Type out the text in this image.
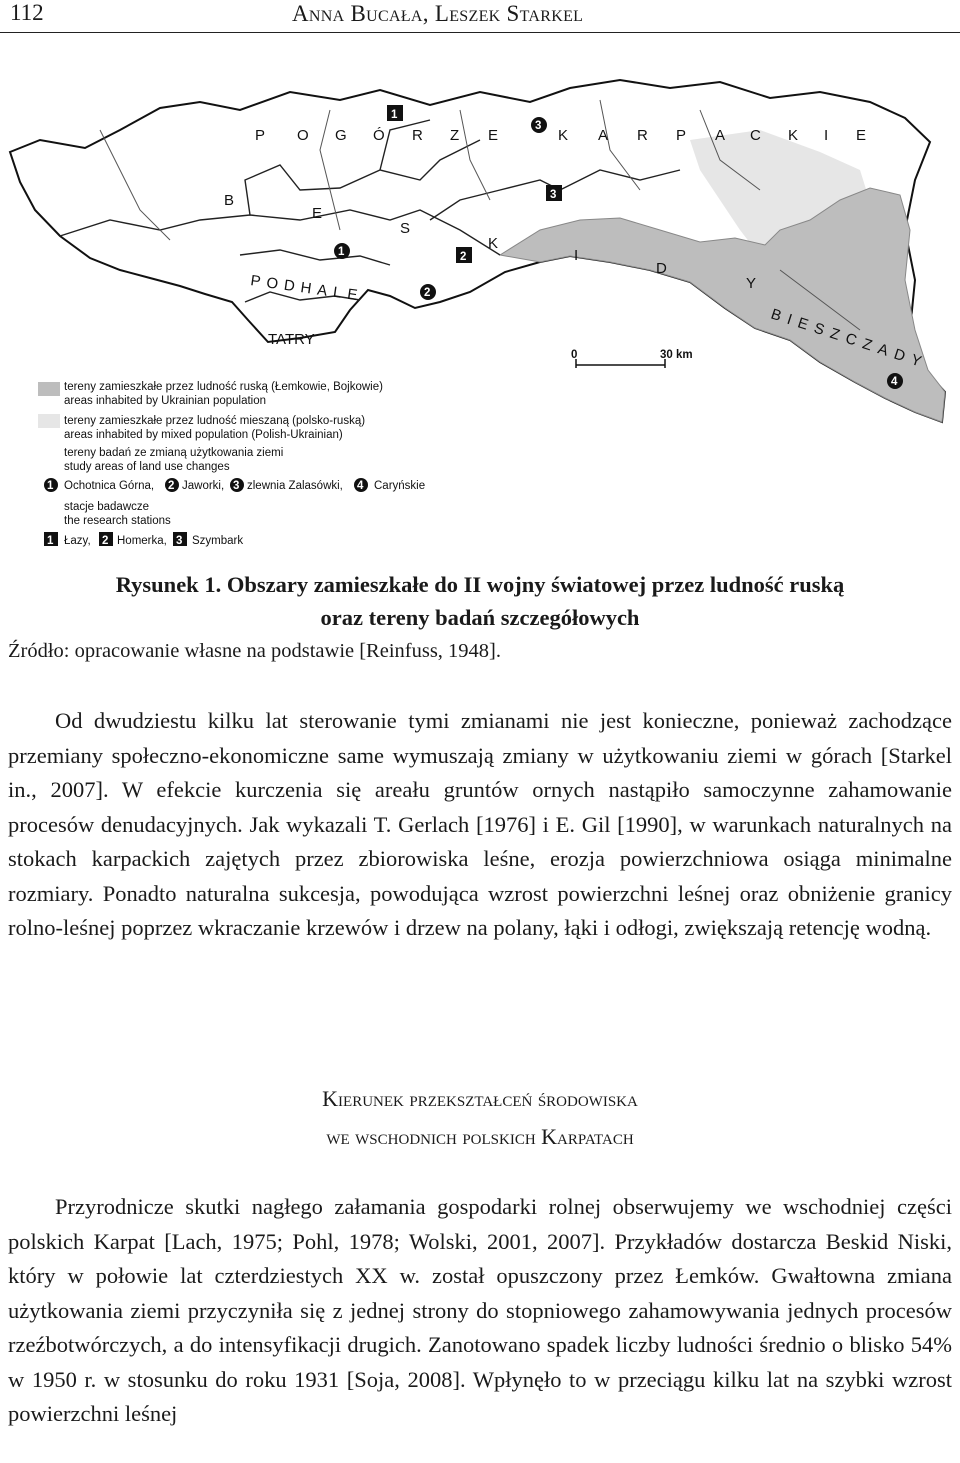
112	Anna Bucała, Leszek Starkel
P O G Ó R Z E	K A R P A C K I E
B
E
S
K
I
D
Y
PODHALE
TATRY	BIESZCZADY
0	30 km
1
2
3
1
2
3
4
tereny zamieszkałe przez ludność ruską (Łemkowie, Bojkowie)
areas inhabited by Ukrainian population
tereny zamieszkałe przez ludność mieszaną (polsko-ruską)
areas inhabited by mixed population (Polish-Ukrainian)
tereny badań ze zmianą użytkowania ziemi
study areas of land use changes
1 Ochotnica Górna, 2 Jaworki, 3 zlewnia Zalasówki, 4 Caryńskie
stacje badawcze
the research stations
1 Łazy, 2 Homerka, 3 Szymbark
Rysunek 1. Obszary zamieszkałe do II wojny światowej przez ludność ruską
oraz tereny badań szczegółowych
Źródło: opracowanie własne na podstawie [Reinfuss, 1948].
Od dwudziestu kilku lat sterowanie tymi zmianami nie jest konieczne, ponieważ zachodzące przemiany społeczno-ekonomiczne same wymuszają zmiany w użytkowaniu ziemi w górach [Starkel in., 2007]. W efekcie kurczenia się areału gruntów ornych nastąpiło samoczynne zahamowanie procesów denudacyjnych. Jak wykazali T. Gerlach [1976] i E. Gil [1990], w warunkach naturalnych na stokach karpackich zajętych przez zbiorowiska leśne, erozja powierzchniowa osiąga minimalne rozmiary. Ponadto naturalna sukcesja, powodująca wzrost powierzchni leśnej oraz obniżenie granicy rolno-leśnej poprzez wkraczanie krzewów i drzew na polany, łąki i odłogi, zwiększają retencję wodną.
Kierunek przekształceń środowiska
we wschodnich polskich Karpatach
Przyrodnicze skutki nagłego załamania gospodarki rolnej obserwujemy we wschodniej części polskich Karpat [Lach, 1975; Pohl, 1978; Wolski, 2001, 2007]. Przykładów dostarcza Beskid Niski, który w połowie lat czterdziestych XX w. został opuszczony przez Łemków. Gwałtowna zmiana użytkowania ziemi przyczyniła się z jednej strony do stopniowego zahamowywania jednych procesów rzeźbotwórczych, a do intensyfikacji drugich. Zanotowano spadek liczby ludności średnio o blisko 54% w 1950 r. w stosunku do roku 1931 [Soja, 2008]. Wpłynęło to w przeciągu kilku lat na szybki wzrost powierzchni leśnej
